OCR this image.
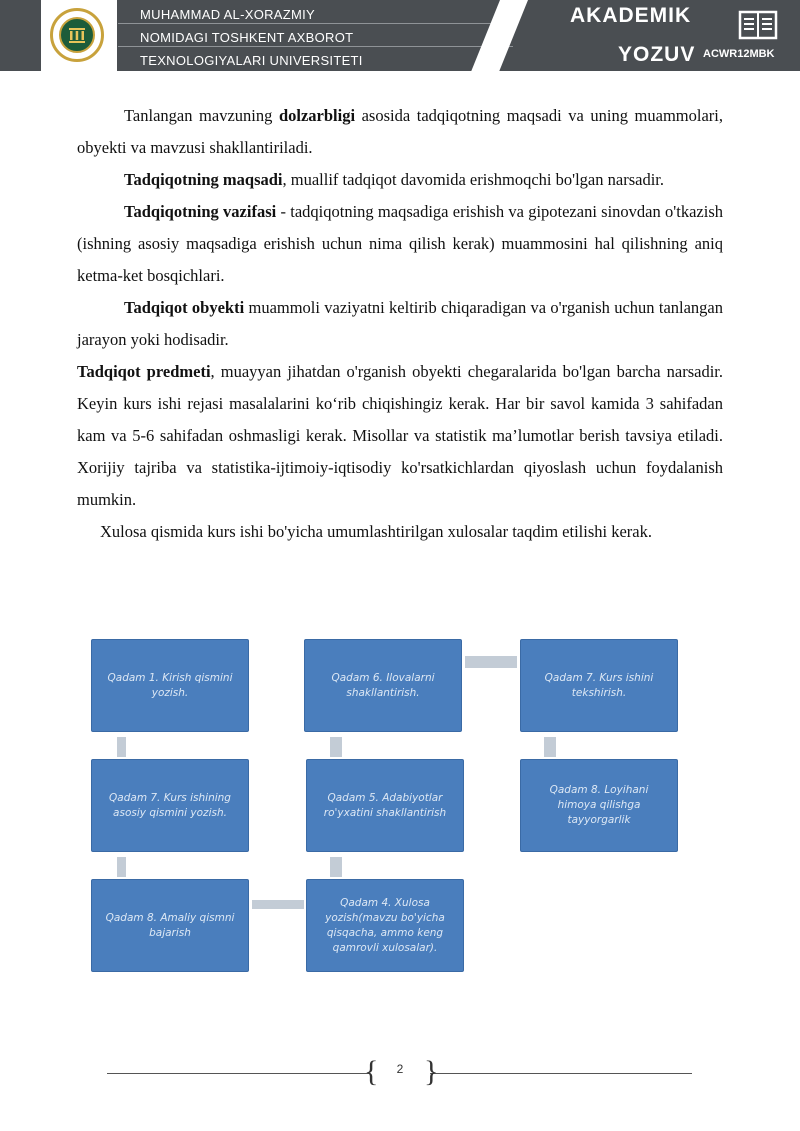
MUHAMMAD AL-XORAZMIY
NOMIDAGI TOSHKENT AXBOROT
TEXNOLOGIYALARI UNIVERSITETI
AKADEMIK
YOZUV ACWR12MBK

Tanlangan mavzuning dolzarbligi asosida tadqiqotning maqsadi va uning muammolari, obyekti va mavzusi shakllantiriladi.

Tadqiqotning maqsadi, muallif tadqiqot davomida erishmoqchi bo'lgan narsadir.

Tadqiqotning vazifasi - tadqiqotning maqsadiga erishish va gipotezani sinovdan o'tkazish (ishning asosiy maqsadiga erishish uchun nima qilish kerak) muammosini hal qilishning aniq ketma-ket bosqichlari.

Tadqiqot obyekti muammoli vaziyatni keltirib chiqaradigan va o'rganish uchun tanlangan jarayon yoki hodisadir.

Tadqiqot predmeti, muayyan jihatdan o'rganish obyekti chegaralarida bo'lgan barcha narsadir. Keyin kurs ishi rejasi masalalarini ko‘rib chiqishingiz kerak. Har bir savol kamida 3 sahifadan kam va 5-6 sahifadan oshmasligi kerak. Misollar va statistik ma’lumotlar berish tavsiya etiladi. Xorijiy tajriba va statistika-ijtimoiy-iqtisodiy ko'rsatkichlardan qiyoslash uchun foydalanish mumkin.

Xulosa qismida kurs ishi bo'yicha umumlashtirilgan xulosalar taqdim etilishi kerak.

Qadam 1. Kirish qismini yozish.
Qadam 6. Ilovalarni shakllantirish.
Qadam 7. Kurs ishini tekshirish.
Qadam 7. Kurs ishining asosiy qismini yozish.
Qadam 5. Adabiyotlar ro'yxatini shakllantirish
Qadam 8. Loyihani himoya qilishga tayyorgarlik
Qadam 8. Amaliy qismni bajarish
Qadam 4. Xulosa yozish(mavzu bo'yicha qisqacha, ammo keng qamrovli xulosalar).
{ }
2
